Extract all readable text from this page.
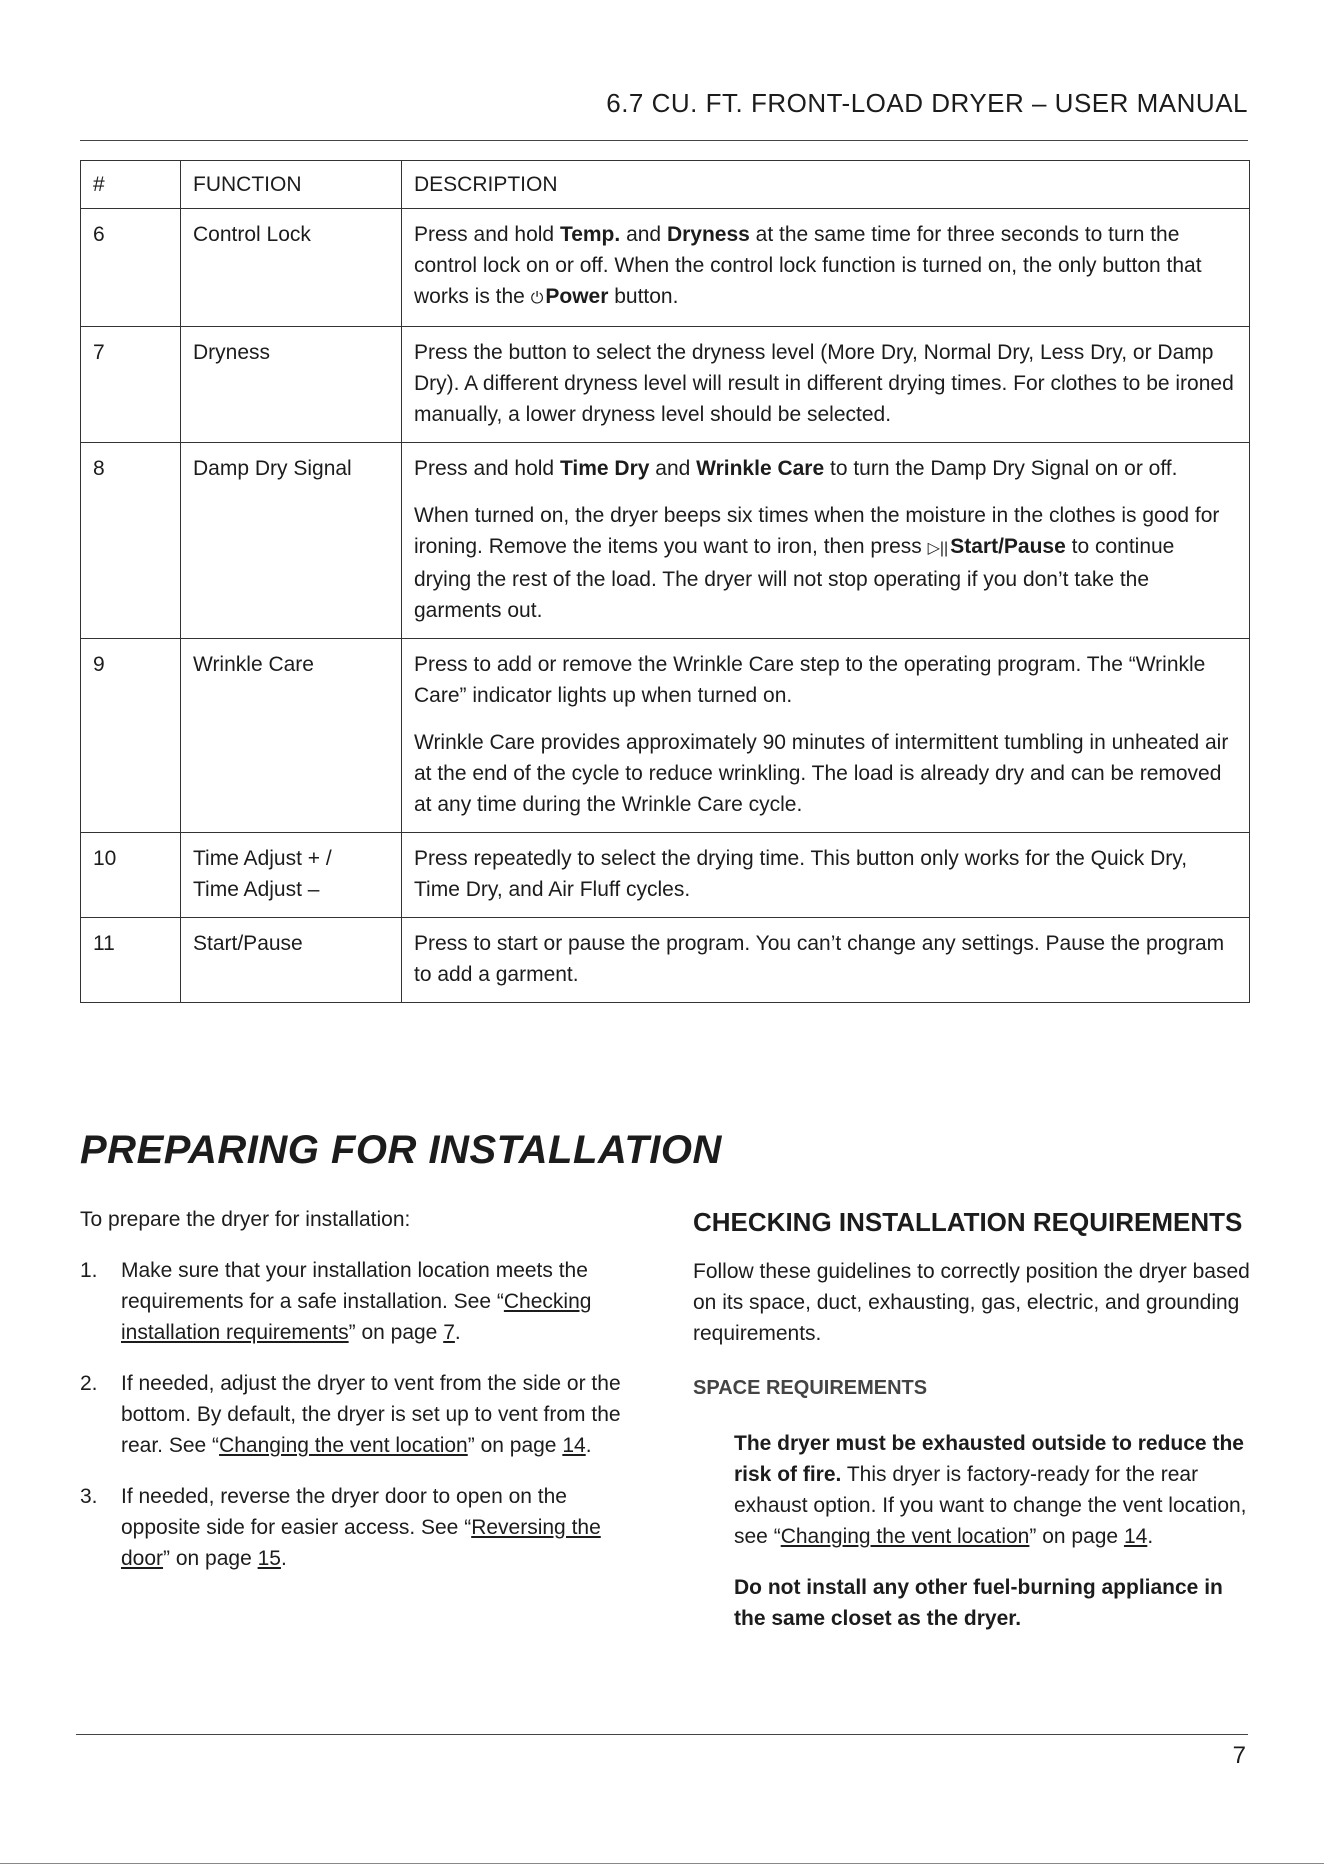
6.7 CU. FT. FRONT-LOAD DRYER – USER MANUAL
#	FUNCTION	DESCRIPTION
6	Control Lock	Press and hold Temp. and Dryness at the same time for three seconds to turn the control lock on or off. When the control lock function is turned on, the only button that works is the ⏻Power button.

7	Dryness	Press the button to select the dryness level (More Dry, Normal Dry, Less Dry, or Damp Dry). A different dryness level will result in different drying times. For clothes to be ironed manually, a lower dryness level should be selected.

8	Damp Dry Signal	Press and hold Time Dry and Wrinkle Care to turn the Damp Dry Signal on or off.

When turned on, the dryer beeps six times when the moisture in the clothes is good for ironing. Remove the items you want to iron, then press ▷||Start/Pause to continue drying the rest of the load. The dryer will not stop operating if you don’t take the garments out.

9	Wrinkle Care	Press to add or remove the Wrinkle Care step to the operating program. The “Wrinkle Care” indicator lights up when turned on.

Wrinkle Care provides approximately 90 minutes of intermittent tumbling in unheated air at the end of the cycle to reduce wrinkling. The load is already dry and can be removed at any time during the Wrinkle Care cycle.

10	Time Adjust + /
Time Adjust –	Press repeatedly to select the drying time. This button only works for the Quick Dry, Time Dry, and Air Fluff cycles.

11	Start/Pause	Press to start or pause the program. You can’t change any settings. Pause the program to add a garment.

PREPARING FOR INSTALLATION

To prepare the dryer for installation:

1. Make sure that your installation location meets the requirements for a safe installation. See “Checking installation requirements” on page 7.
2. If needed, adjust the dryer to vent from the side or the bottom. By default, the dryer is set up to vent from the rear. See “Changing the vent location” on page 14.
3. If needed, reverse the dryer door to open on the opposite side for easier access. See “Reversing the door” on page 15.
CHECKING INSTALLATION REQUIREMENTS

Follow these guidelines to correctly position the dryer based on its space, duct, exhausting, gas, electric, and grounding requirements.

SPACE REQUIREMENTS

The dryer must be exhausted outside to reduce the risk of fire. This dryer is factory-ready for the rear exhaust option. If you want to change the vent location, see “Changing the vent location” on page 14.

Do not install any other fuel-burning appliance in the same closet as the dryer.

7
